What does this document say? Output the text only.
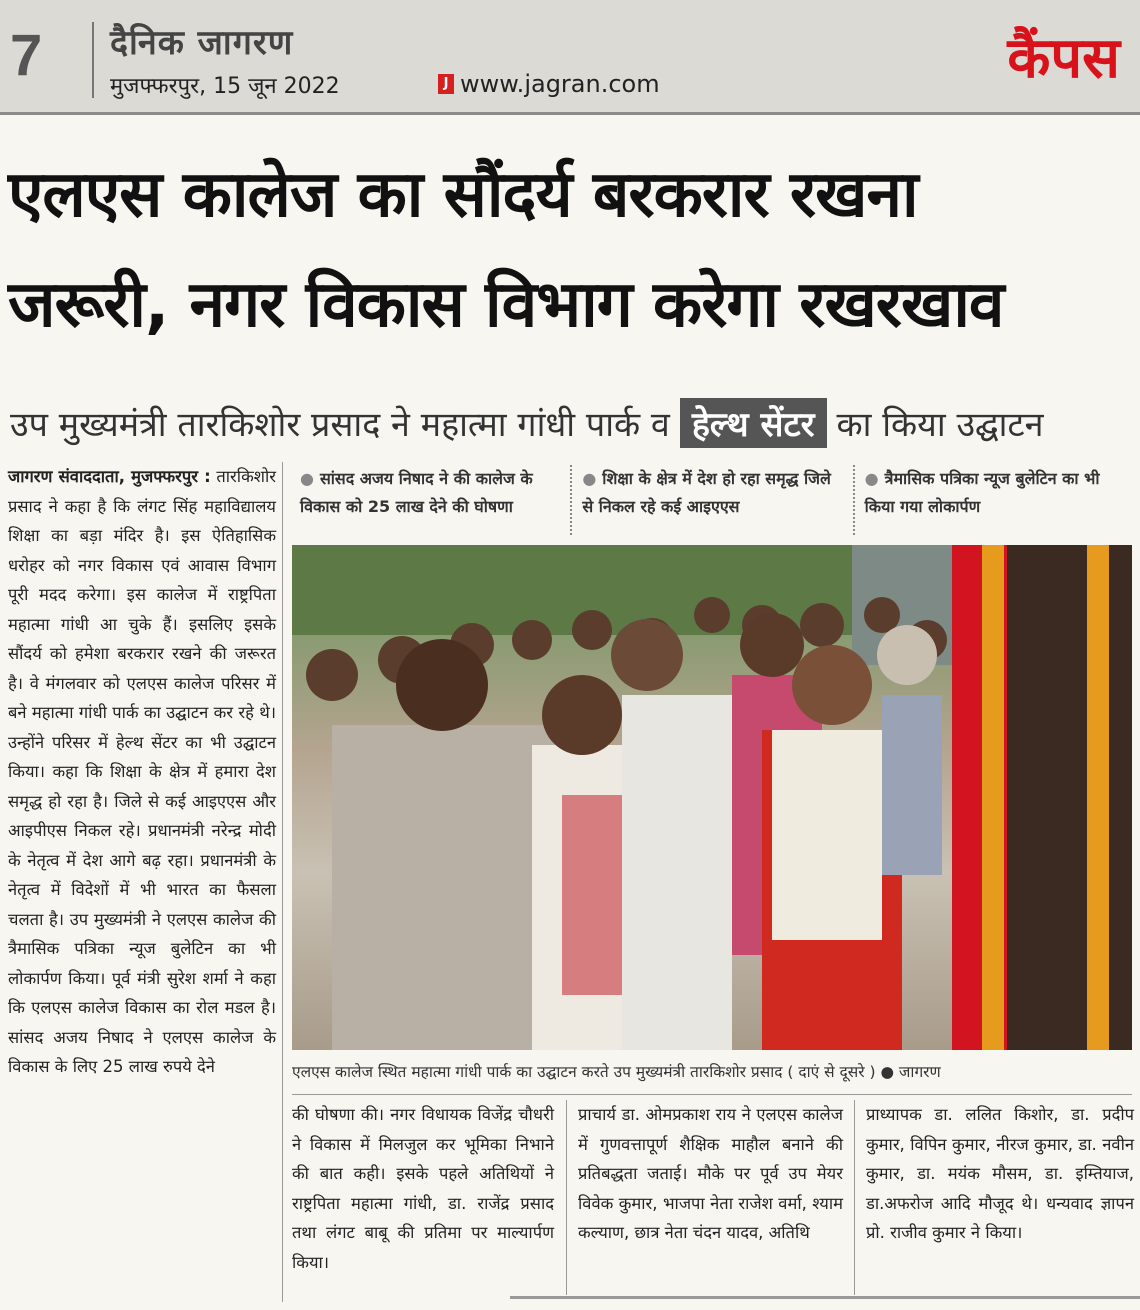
7 दैनिक जागरण
मुजफ्फरपुर, 15 जून 2022	J www.jagran.com	कैंपस
एलएस कालेज का सौंदर्य बरकरार रखना
जरूरी, नगर विकास विभाग करेगा रखरखाव
उप मुख्यमंत्री तारकिशोर प्रसाद ने महात्मा गांधी पार्क व हेल्थ सेंटर का किया उद्घाटन
जागरण संवाददाता, मुजफ्फरपुर : तारकिशोर प्रसाद ने कहा है कि लंगट सिंह महाविद्यालय शिक्षा का बड़ा मंदिर है। इस ऐतिहासिक धरोहर को नगर विकास एवं आवास विभाग पूरी मदद करेगा। इस कालेज में राष्ट्रपिता महात्मा गांधी आ चुके हैं। इसलिए इसके सौंदर्य को हमेशा बरकरार रखने की जरूरत है। वे मंगलवार को एलएस कालेज परिसर में बने महात्मा गांधी पार्क का उद्घाटन कर रहे थे। उन्होंने परिसर में हेल्थ सेंटर का भी उद्घाटन किया। कहा कि शिक्षा के क्षेत्र में हमारा देश समृद्ध हो रहा है। जिले से कई आइएएस और आइपीएस निकल रहे। प्रधानमंत्री नरेन्द्र मोदी के नेतृत्व में देश आगे बढ़ रहा। प्रधानमंत्री के नेतृत्व में विदेशों में भी भारत का फैसला चलता है। उप मुख्यमंत्री ने एलएस कालेज की त्रैमासिक पत्रिका न्यूज बुलेटिन का भी लोकार्पण किया। पूर्व मंत्री सुरेश शर्मा ने कहा कि एलएस कालेज विकास का रोल मडल है। सांसद अजय निषाद ने एलएस कालेज के विकास के लिए 25 लाख रुपये देने
● सांसद अजय निषाद ने की कालेज के विकास को 25 लाख देने की घोषणा
● शिक्षा के क्षेत्र में देश हो रहा समृद्ध जिले से निकल रहे कई आइएएस
● त्रैमासिक पत्रिका न्यूज बुलेटिन का भी किया गया लोकार्पण
एलएस कालेज स्थित महात्मा गांधी पार्क का उद्घाटन करते उप मुख्यमंत्री तारकिशोर प्रसाद ( दाएं से दूसरे ) ● जागरण
की घोषणा की। नगर विधायक विजेंद्र चौधरी ने विकास में मिलजुल कर भूमिका निभाने की बात कही। इसके पहले अतिथियों ने राष्ट्रपिता महात्मा गांधी, डा. राजेंद्र प्रसाद तथा लंगट बाबू की प्रतिमा पर माल्यार्पण किया।
प्राचार्य डा. ओमप्रकाश राय ने एलएस कालेज में गुणवत्तापूर्ण शैक्षिक माहौल बनाने की प्रतिबद्धता जताई। मौके पर पूर्व उप मेयर विवेक कुमार, भाजपा नेता राजेश वर्मा, श्याम कल्याण, छात्र नेता चंदन यादव, अतिथि
प्राध्यापक डा. ललित किशोर, डा. प्रदीप कुमार, विपिन कुमार, नीरज कुमार, डा. नवीन कुमार, डा. मयंक मौसम, डा. इम्तियाज, डा.अफरोज आदि मौजूद थे। धन्यवाद ज्ञापन प्रो. राजीव कुमार ने किया।
